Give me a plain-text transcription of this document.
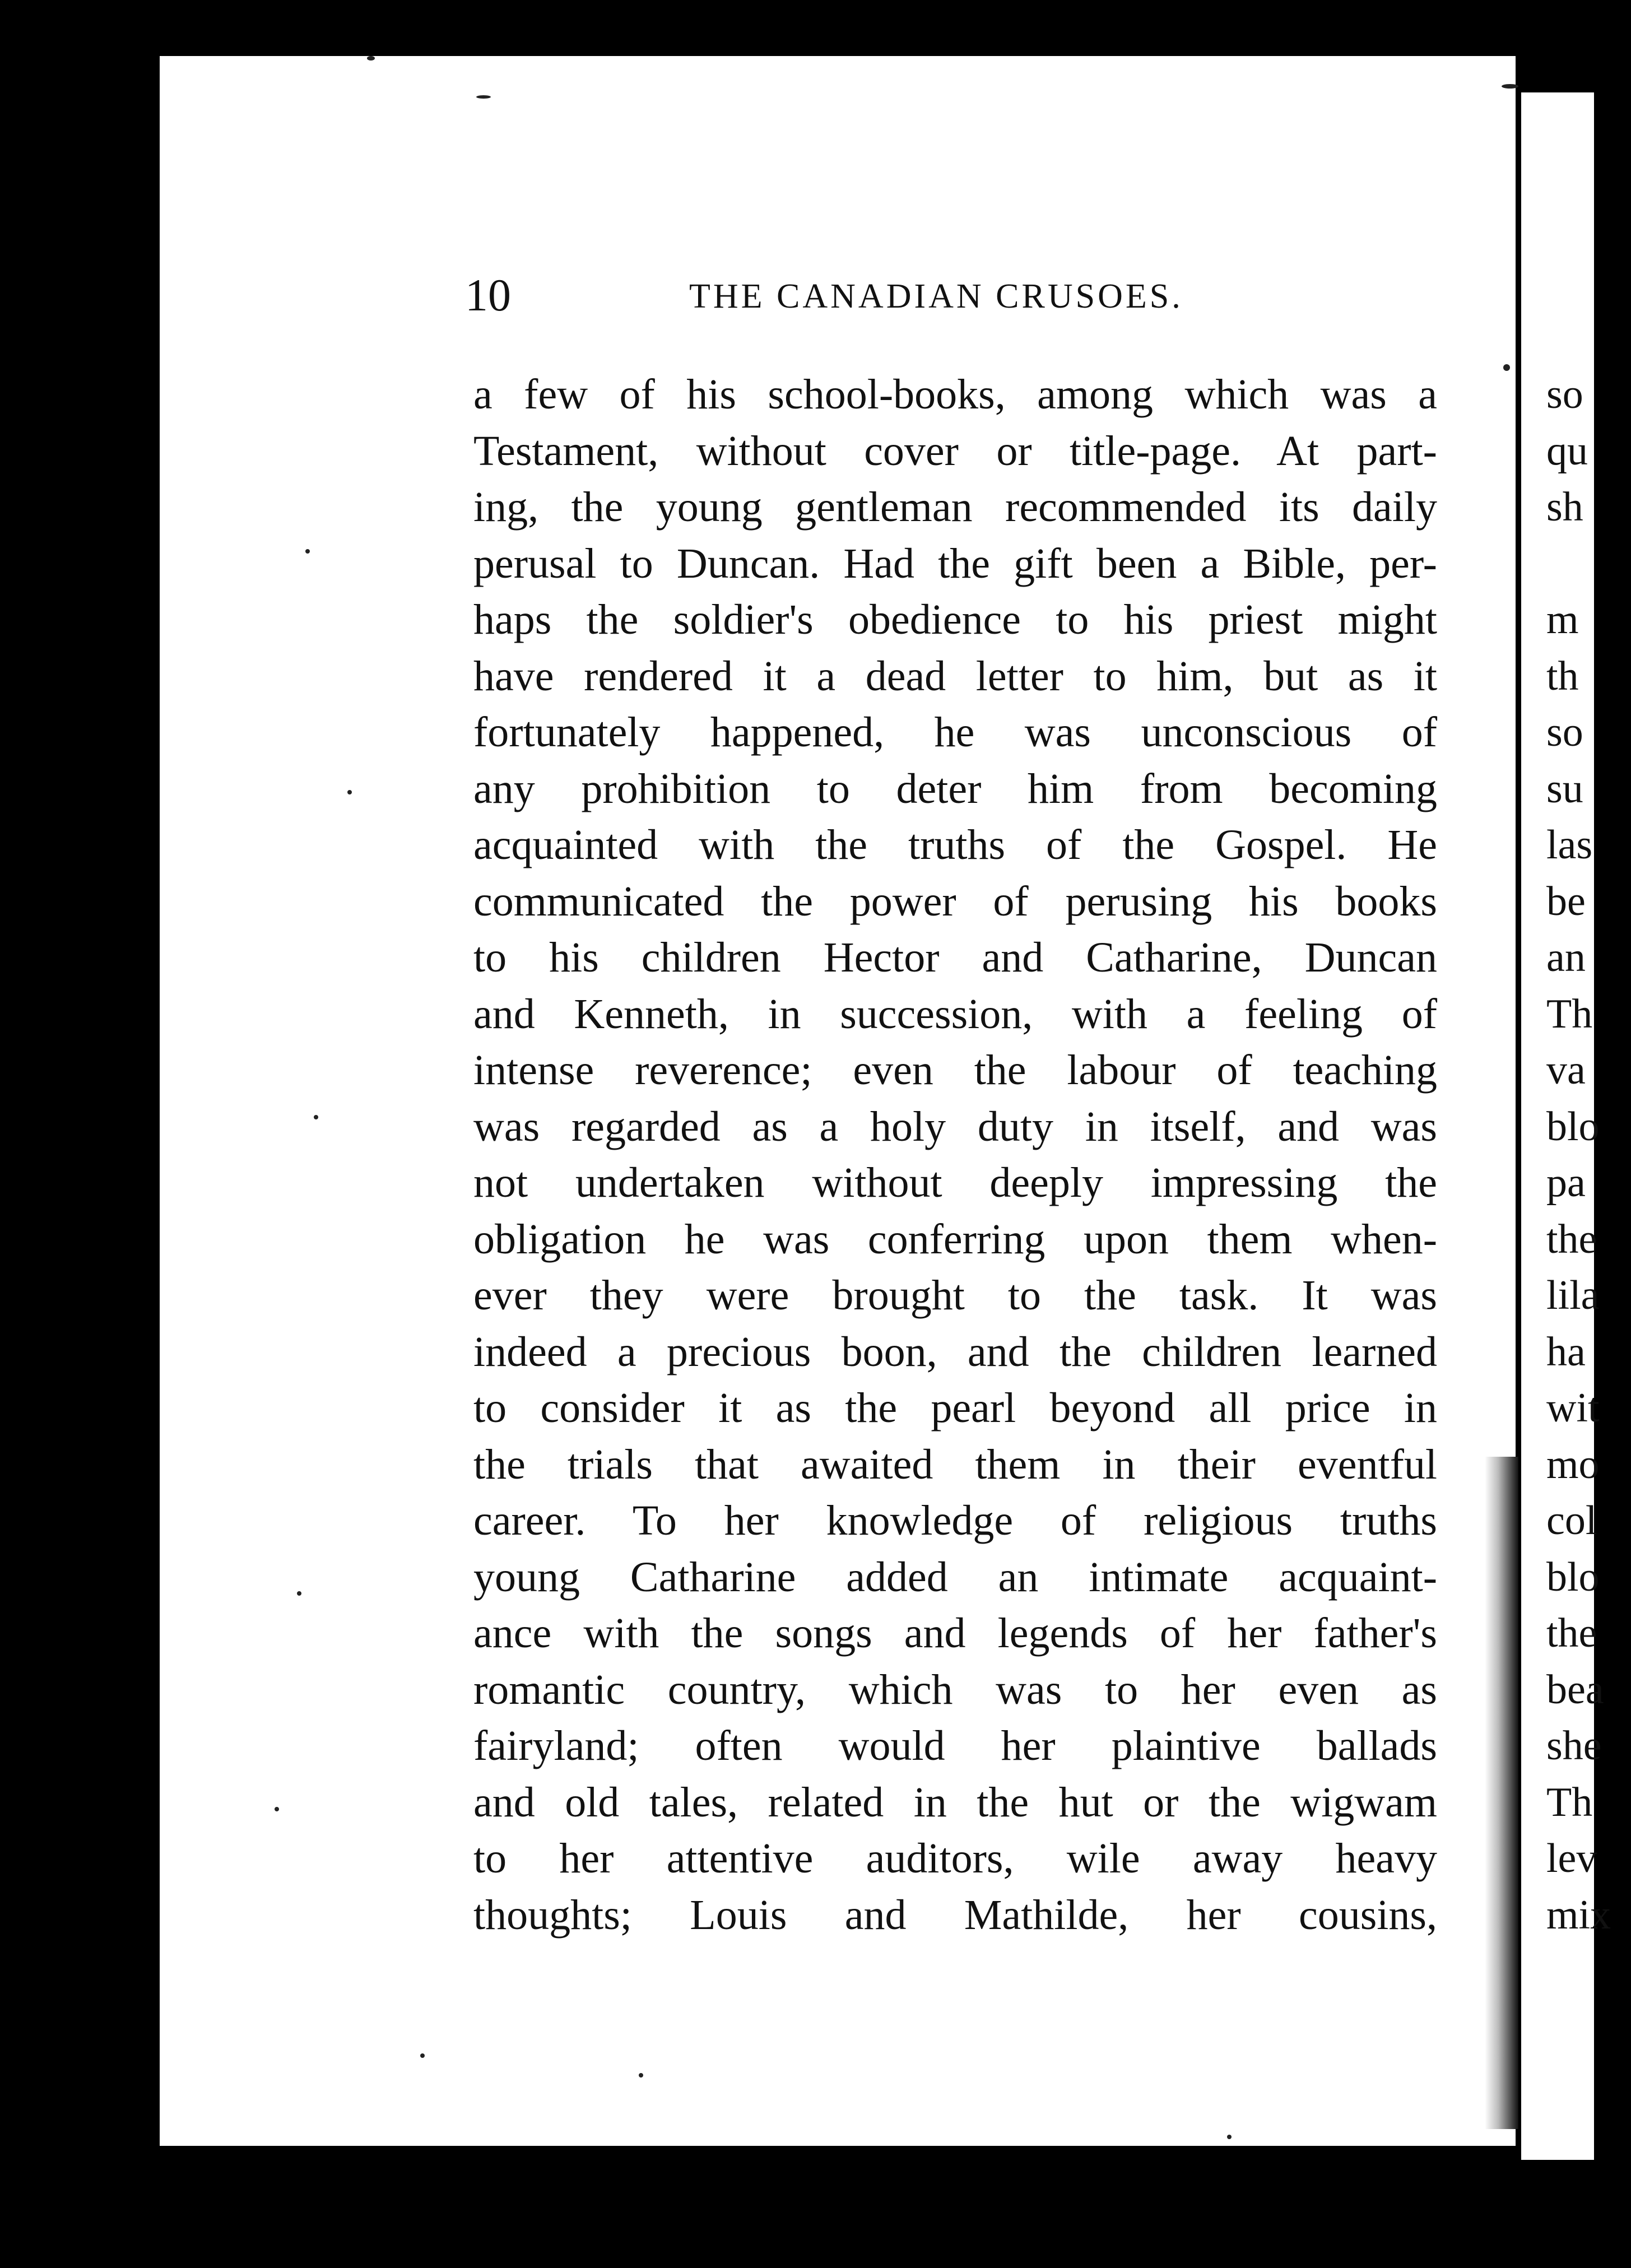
10	THE CANADIAN CRUSOES.
a few of his school-books, among which was a
Testament, without cover or title-page. At part-
ing, the young gentleman recommended its daily
perusal to Duncan. Had the gift been a Bible, per-
haps the soldier's obedience to his priest might
have rendered it a dead letter to him, but as it
fortunately happened, he was unconscious of
any prohibition to deter him from becoming
acquainted with the truths of the Gospel. He
communicated the power of perusing his books
to his children Hector and Catharine, Duncan
and Kenneth, in succession, with a feeling of
intense reverence; even the labour of teaching
was regarded as a holy duty in itself, and was
not undertaken without deeply impressing the
obligation he was conferring upon them when-
ever they were brought to the task. It was
indeed a precious boon, and the children learned
to consider it as the pearl beyond all price in
the trials that awaited them in their eventful
career. To her knowledge of religious truths
young Catharine added an intimate acquaint-
ance with the songs and legends of her father's
romantic country, which was to her even as
fairyland; often would her plaintive ballads
and old tales, related in the hut or the wigwam
to her attentive auditors, wile away heavy
thoughts; Louis and Mathilde, her cousins,
so
qu
sh
m
th
so
su
las
be
an
Th
va
blo
pa
the
lila
ha
wit
mo
col
blo
the
bea
she
Th
lev
mix
